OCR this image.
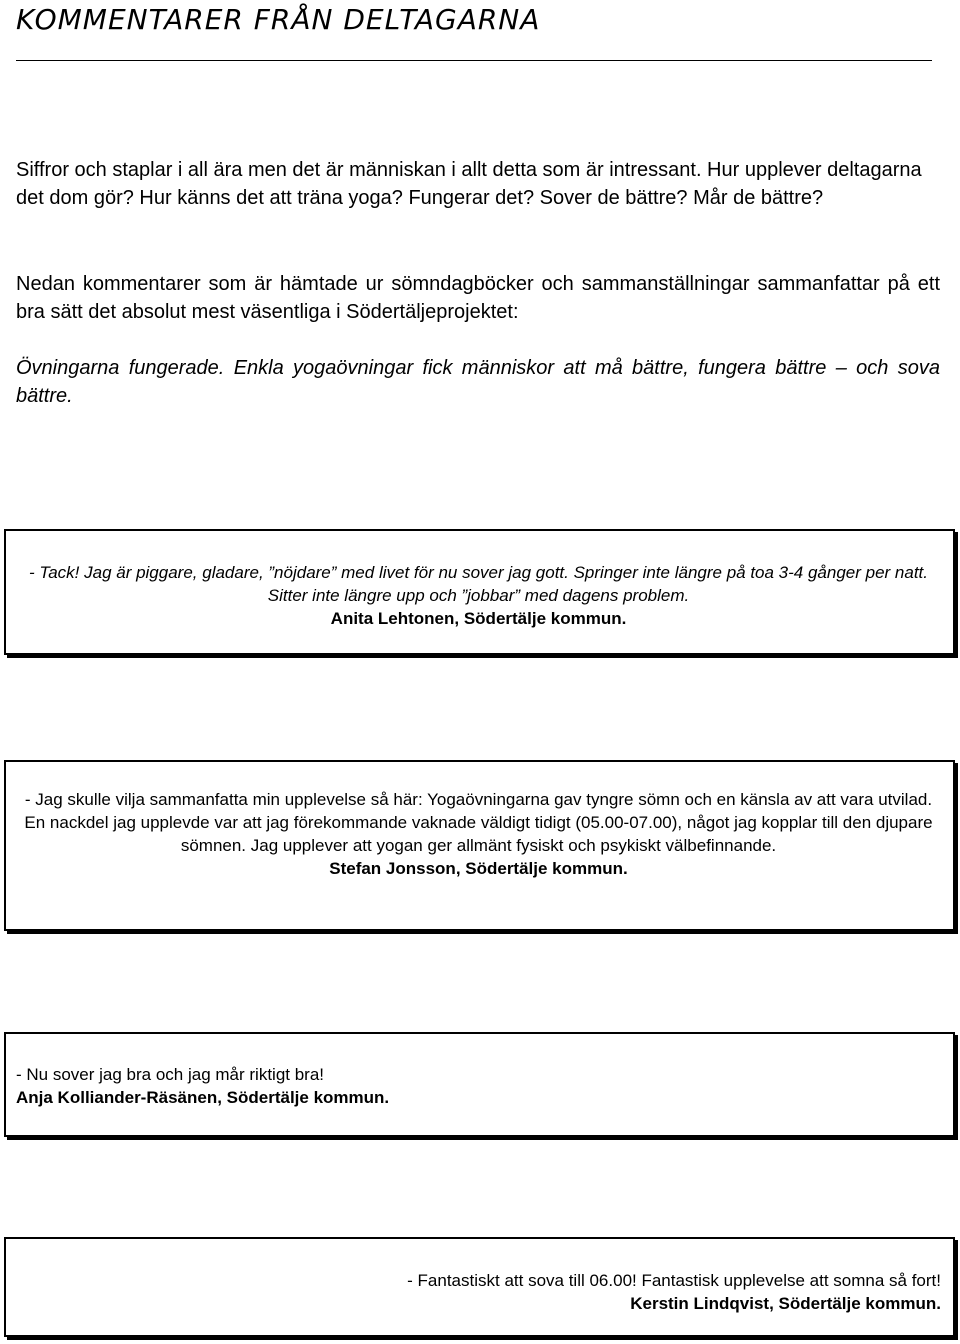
KOMMENTARER FRÅN DELTAGARNA

Siffror och staplar i all ära men det är människan i allt detta som är intressant. Hur upplever deltagarna det dom gör? Hur känns det att träna yoga? Fungerar det? Sover de bättre? Mår de bättre?

Nedan kommentarer som är hämtade ur sömndagböcker och sammanställningar sammanfattar på ett bra sätt det absolut mest väsentliga i Södertäljeprojektet:

Övningarna fungerade. Enkla yogaövningar fick människor att må bättre, fungera bättre – och sova bättre.

- Tack! Jag är piggare, gladare, ”nöjdare” med livet för nu sover jag gott. Springer inte längre på toa 3-4 gånger per natt. Sitter inte längre upp och ”jobbar” med dagens problem.
Anita Lehtonen, Södertälje kommun.

- Jag skulle vilja sammanfatta min upplevelse så här: Yogaövningarna gav tyngre sömn och en känsla av att vara utvilad. En nackdel jag upplevde var att jag förekommande vaknade väldigt tidigt (05.00-07.00), något jag kopplar till den djupare sömnen. Jag upplever att yogan ger allmänt fysiskt och psykiskt välbefinnande.
Stefan Jonsson, Södertälje kommun.

- Nu sover jag bra och jag mår riktigt bra!
Anja Kolliander-Räsänen, Södertälje kommun.

- Fantastiskt att sova till 06.00! Fantastisk upplevelse att somna så fort!
Kerstin Lindqvist, Södertälje kommun.
